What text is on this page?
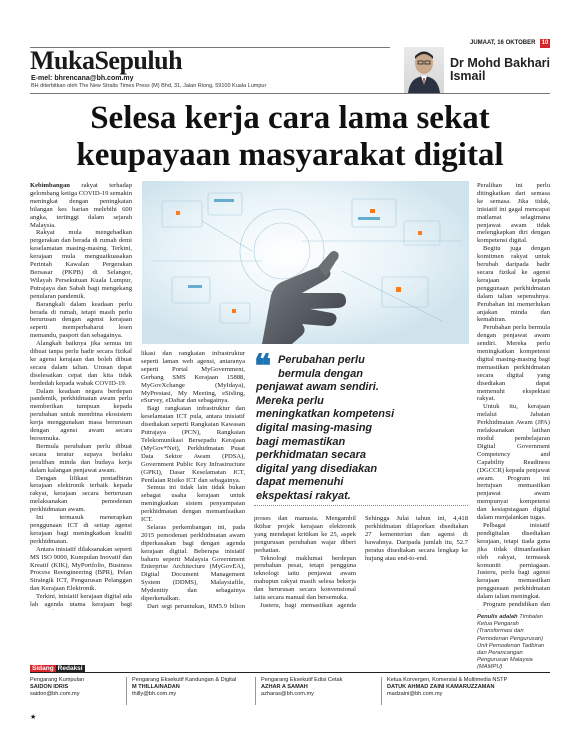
MukaSepuluh
E-mel: bhrencana@bh.com.my
BH diterbitkan oleh The New Straits Times Press (M) Bhd, 31, Jalan Riong, 59100 Kuala Lumpur
JUMAAT, 16 OKTOBER 10
Dr Mohd Bakhari
Ismail
Selesa kerja cara lama sekat
keupayaan masyarakat digital

Kebimbangan rakyat terhadap gelombang ketiga COVID-19 semakin meningkat dengan peningkatan bilangan kes harian melebihi 600 angka, tertinggi dalam sejarah Malaysia.

Rakyat mula mengehadkan pergerakan dan berada di rumah demi keselamatan masing-masing. Terkini, kerajaan mula menguatkuasakan Perintah Kawalan Pergerakan Bersasar (PKPB) di Selangor, Wilayah Persekutuan Kuala Lumpur, Putrajaya dan Sabah bagi mengekang penularan pandemik.

Barangkali dalam keadaan perlu berada di rumah, tetapi masih perlu berurusan dengan agensi kerajaan seperti memperbaharui lesen memandu, pasport dan sebagainya.

Alangkah baiknya jika semua ini dibuat tanpa perlu hadir secara fizikal ke agensi kerajaan dan boleh dibuat secara dalam talian. Urusan dapat diselesaikan cepat dan kita tidak berdedah kepada wabak COVID-19.

Dalam keadaan negara berdepan pandemik, perkhidmatan awam perlu memberikan tumpuan kepada perubahan untuk membina ekosistem kerja menggunakan masa berurusan dengan agensi awam secara bersemuka.

Bermula perubahan perlu dibuat secara teratur supaya berlaku peralihan minda dan budaya kerja dalam kalangan penjawat awam.

Dengan lifikasi pentadbiran kerajaan elektronik terbaik kepada rakyat, kerajaan secara berterusan melaksanakan pemodenan perkhidmatan awam.

Ini termasuk menerapkan penggunaan ICT di setiap agensi kerajaan bagi meningkatkan kualiti perkhidmatan.

Antara inisiatif dilaksanakan seperti MS ISO 9000, Kumpulan Inovatif dan Kreatif (KIK), MyPortfolio, Business Process Reengineering (BPR), Pelan Strategik ICT, Pengurusan Pelanggan dan Kerajaan Elektronik.

Terkini, inisiatif kerajaan digital ada lah agenda utama kerajaan bagi

likasi dan rangkaian infrastruktur seperti laman web agensi, antaranya seperti Portal MyGovernment, Gerbang SMS Kerajaan 15888, MyGovXchange (MyIdaya), MyPrestasi, My Meeting, eSisling, eSurvey, eDaftar dan sebagainya.

Bagi rangkaian infrastruktur dan keselamatan ICT pula, antara inisiatif disediakan seperti Rangkaian Kawasan Putrajaya (PCN), Rangkaian Telekomunikasi Bersepadu Kerajaan (MyGov*Net), Perkhidmatan Pusat Data Sektor Awam (PDSA), Government Public Key Infrastructure (GPKI), Dasar Keselamatan ICT, Penilaian Risiko ICT dan sebagainya.

Semua ini tidak lain tidak bukan sebagai usaha kerajaan untuk meningkatkan sistem penyampaian perkhidmatan dengan memanfaatkan ICT.

Selaras perkembangan ini, pada 2015 pemodenan perkhidmatan awam diperkasakan bagi dengan agenda kerajaan digital. Beberapa inisiatif baharu seperti Malaysia Government Enterprise Architecture (MyGovEA), Digital Document Management System (DDMS), Malaysiafile, Mydentity dan sebagainya diperkenalkan.

Dari segi peruntukan, RM5.9 bilion

❝ Perubahan perlu
bermula dengan
penjawat awam sendiri.
Mereka perlu
meningkatkan kompetensi
digital masing-masing
bagi memastikan
perkhidmatan secara
digital yang disediakan
dapat memenuhi
ekspektasi rakyat.

proses dan manusia. Mengambil iktibar projek kerajaan elektronik yang mendapat kritikan ke 25, aspek pengurusan perubahan wajar diberi perhatian.

Teknologi maklumat berdepan perubahan pesat, tetapi pengguna teknologi iaitu penjawat awam mahupun rakyat masih selesa bekerja dan berurusan secara konvensional iaitu secara manual dan bersemuka.

Justeru, bagi memastikan agenda

Sehingga Julai tahun ini, 4,418 perkhidmatan dilaporkan disediakan 27 kementerian dan agensi di bawahnya. Daripada jumlah itu, 52.7 peratus disediakan secara lengkap ke hujung atau end-to-end.

Peralihan ini perlu ditingkatkan dari semasa ke semasa. Jika tidak, inisiatif ini gagal mencapai matlamat selagimana penjawat awam tidak melengkapkan diri dengan kompetensi digital.

Begitu juga dengan komitmen rakyat untuk berubah daripada hadir secara fizikal ke agensi kerajaan kepada penggunaan perkhidmatan dalam talian sepenuhnya. Perubahan ini memerlukan anjakan minda dan kemahiran.

Perubahan perlu bermula dengan penjawat awam sendiri. Mereka perlu meningkatkan kompetensi digital masing-masing bagi memastikan perkhidmatan secara digital yang disediakan dapat memenuhi ekspektasi rakyat.

Untuk itu, kerajaan melalui Jabatan Perkhidmatan Awam (JPA) melaksanakan latihan modul pembelajaran Digital Government Competency and Capability Readiness (DGCCR) kepada penjawat awam. Program ini bertujuan memastikan penjawat awam mempunyai kompetensi dan kesiapsiagaan digital dalam menjalankan tugas.

Pelbagai inisiatif pendigitalan disediakan kerajaan, tetapi tiada guna jika tidak dimanfaatkan oleh rakyat, termasuk komuniti perniagaan. Justeru, perlu bagi agensi kerajaan memastikan penggunaan perkhidmatan dalam talian meningkat.

Program pendidikan dan

Penulis adalah Timbalan Ketua Pengarah (Transformasi dan Pemodenan Pengurusan) Unit Pemodenan Tadbiran dan Perancangan Pengurusan Malaysia (MAMPU)
Sidang Redaksi
Pengarang Kumpulan
SAIDON IDRIS
saidon@bh.com.my
Pengarang Eksekutif Kandungan & Digital
M THILLAINADAN
thilly@bh.com.my
Pengarang Eksekutif Edisi Cetak
AZHAR A SAMAH
azharas@bh.com.my
Ketua Korvergen, Komersial & Multimedia NSTP
DATUK AHMAD ZAINI KAMARUZZAMAN
madzaini@bh.com.my
★
